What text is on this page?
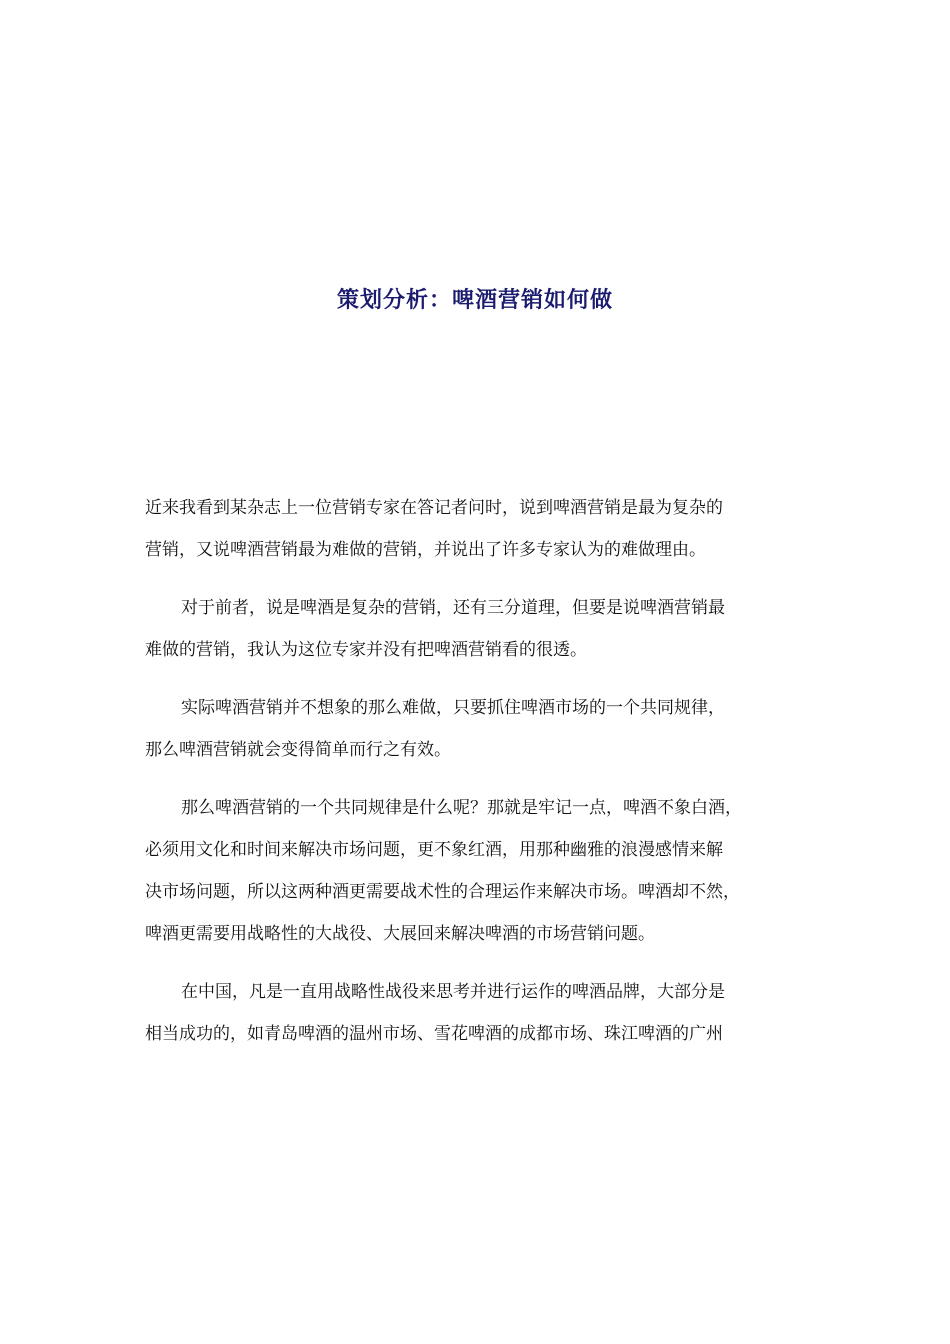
策划分析：啤酒营销如何做
近来我看到某杂志上一位营销专家在答记者问时，说到啤酒营销是最为复杂的
营销，又说啤酒营销最为难做的营销，并说出了许多专家认为的难做理由。
对于前者，说是啤酒是复杂的营销，还有三分道理，但要是说啤酒营销最
难做的营销，我认为这位专家并没有把啤酒营销看的很透。
实际啤酒营销并不想象的那么难做，只要抓住啤酒市场的一个共同规律，
那么啤酒营销就会变得简单而行之有效。
那么啤酒营销的一个共同规律是什么呢？那就是牢记一点，啤酒不象白酒，
必须用文化和时间来解决市场问题，更不象红酒，用那种幽雅的浪漫感情来解
决市场问题，所以这两种酒更需要战术性的合理运作来解决市场。啤酒却不然，
啤酒更需要用战略性的大战役、大展回来解决啤酒的市场营销问题。
在中国，凡是一直用战略性战役来思考并进行运作的啤酒品牌，大部分是
相当成功的，如青岛啤酒的温州市场、雪花啤酒的成都市场、珠江啤酒的广州
